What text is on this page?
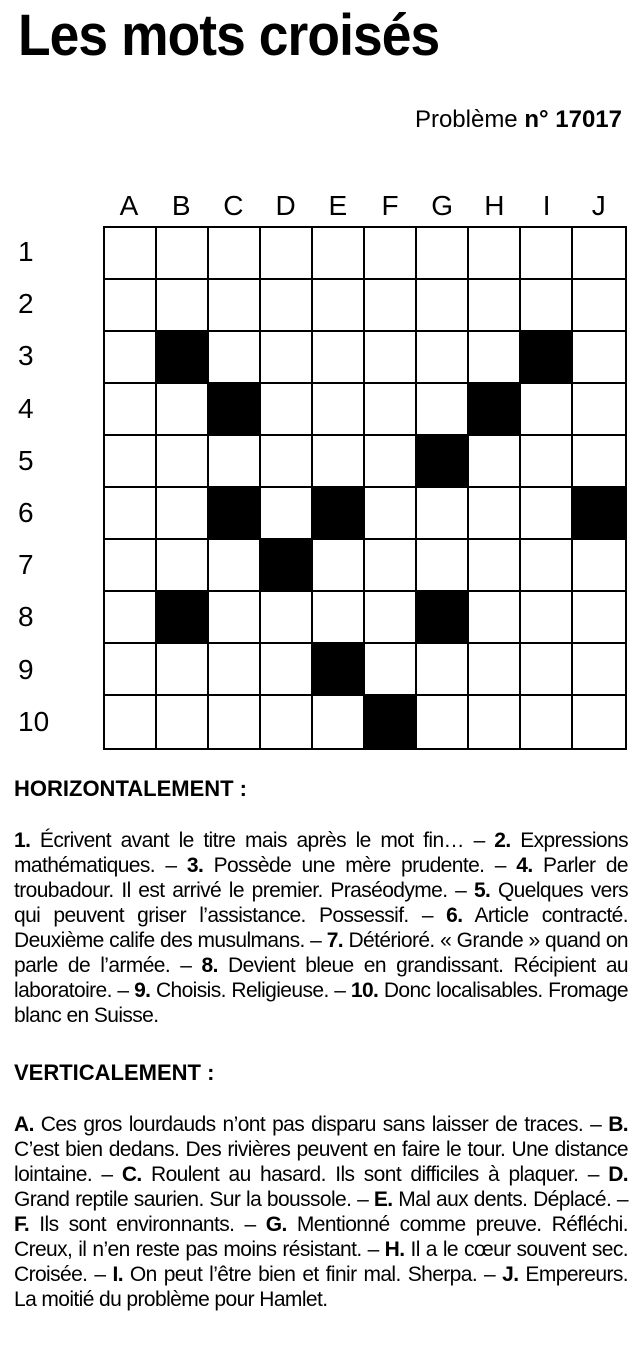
Les mots croisés
Problème n° 17017
A	B	C	D	E	F	G	H	I	J
1
2
3
4
5
6
7
8
9
10
HORIZONTALEMENT :
1. Écrivent avant le titre mais après le mot fin… – 2. Expressions mathématiques. – 3. Possède une mère prudente. – 4. Parler de troubadour. Il est arrivé le premier. Praséodyme. – 5. Quelques vers qui peuvent griser l’assistance. Possessif. – 6. Article contracté. Deuxième calife des musulmans. – 7. Détérioré. « Grande » quand on parle de l’armée. – 8. Devient bleue en grandissant. Récipient au laboratoire. – 9. Choisis. Religieuse. – 10. Donc localisables. Fromage blanc en Suisse.
VERTICALEMENT :
A. Ces gros lourdauds n’ont pas disparu sans laisser de traces. – B. C’est bien dedans. Des rivières peuvent en faire le tour. Une distance lointaine. – C. Roulent au hasard. Ils sont difficiles à plaquer. – D. Grand reptile saurien. Sur la boussole. – E. Mal aux dents. Déplacé. – F. Ils sont environnants. – G. Mentionné comme preuve. Réfléchi. Creux, il n’en reste pas moins résistant. – H. Il a le cœur souvent sec. Croisée. – I. On peut l’être bien et finir mal. Sherpa. – J. Empereurs. La moitié du problème pour Hamlet.
